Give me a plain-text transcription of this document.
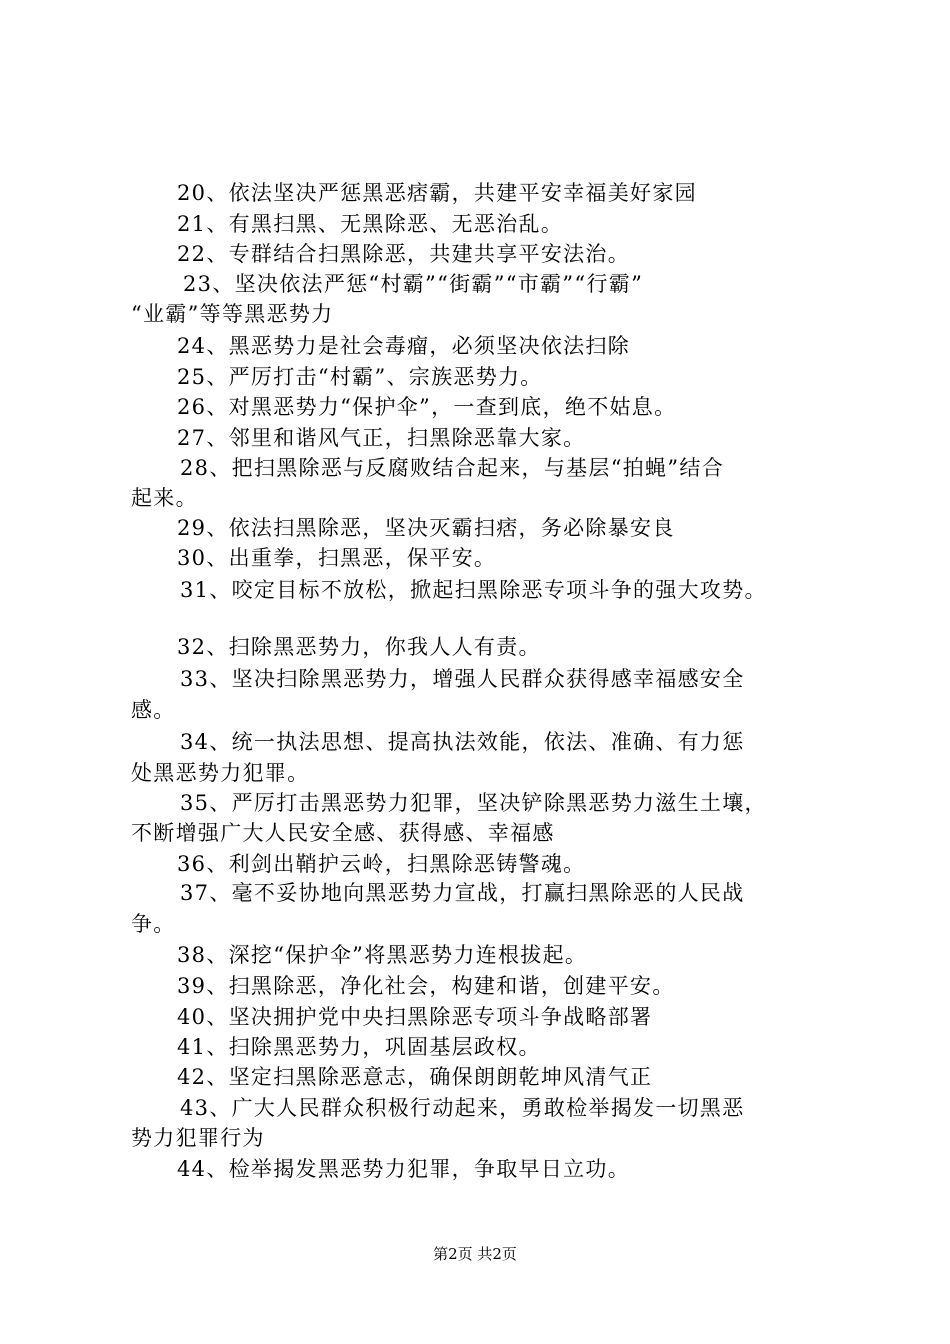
20、依法坚决严惩黑恶痞霸，共建平安幸福美好家园
21、有黑扫黑、无黑除恶、无恶治乱。
22、专群结合扫黑除恶，共建共享平安法治。
23、坚决依法严惩“村霸”“街霸”“市霸”“行霸”
“业霸”等等黑恶势力
24、黑恶势力是社会毒瘤，必须坚决依法扫除
25、严厉打击“村霸”、宗族恶势力。
26、对黑恶势力“保护伞”，一查到底，绝不姑息。
27、邻里和谐风气正，扫黑除恶靠大家。
28、把扫黑除恶与反腐败结合起来，与基层“拍蝇”结合
起来。
29、依法扫黑除恶，坚决灭霸扫痞，务必除暴安良
30、出重拳，扫黑恶，保平安。
31、咬定目标不放松，掀起扫黑除恶专项斗争的强大攻势。
32、扫除黑恶势力，你我人人有责。
33、坚决扫除黑恶势力，增强人民群众获得感幸福感安全
感。
34、统一执法思想、提高执法效能，依法、准确、有力惩
处黑恶势力犯罪。
35、严厉打击黑恶势力犯罪，坚决铲除黑恶势力滋生土壤，
不断增强广大人民安全感、获得感、幸福感
36、利剑出鞘护云岭，扫黑除恶铸警魂。
37、毫不妥协地向黑恶势力宣战，打赢扫黑除恶的人民战
争。
38、深挖“保护伞”将黑恶势力连根拔起。
39、扫黑除恶，净化社会，构建和谐，创建平安。
40、坚决拥护党中央扫黑除恶专项斗争战略部署
41、扫除黑恶势力，巩固基层政权。
42、坚定扫黑除恶意志，确保朗朗乾坤风清气正
43、广大人民群众积极行动起来，勇敢检举揭发一切黑恶
势力犯罪行为
44、检举揭发黑恶势力犯罪，争取早日立功。
第2页 共2页
